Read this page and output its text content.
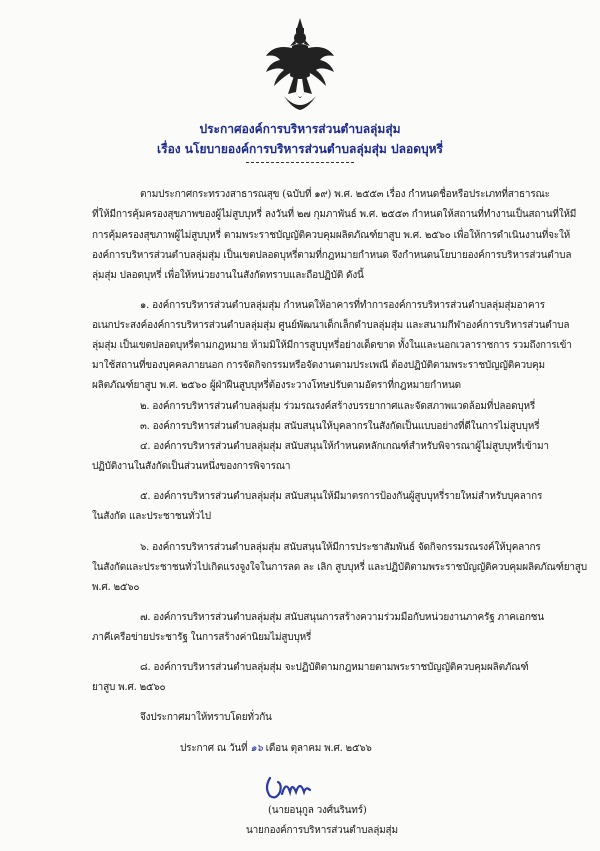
ประกาศองค์การบริหารส่วนตำบลลุ่มสุ่ม
เรื่อง นโยบายองค์การบริหารส่วนตำบลลุ่มสุ่ม ปลอดบุหรี่
ตามประกาศกระทรวงสาธารณสุข (ฉบับที่ ๑๙) พ.ศ. ๒๕๕๓ เรื่อง กำหนดชื่อหรือประเภทที่สาธารณะ
ที่ให้มีการคุ้มครองสุขภาพของผู้ไม่สูบบุหรี่ ลงวันที่ ๒๗ กุมภาพันธ์ พ.ศ. ๒๕๕๓ กำหนดให้สถานที่ทำงานเป็นสถานที่ให้มี
การคุ้มครองสุขภาพผู้ไม่สูบบุหรี่ ตามพระราชบัญญัติควบคุมผลิตภัณฑ์ยาสูบ พ.ศ. ๒๕๖๐ เพื่อให้การดำเนินงานที่จะให้
องค์การบริหารส่วนตำบลลุ่มสุ่ม เป็นเขตปลอดบุหรี่ตามที่กฎหมายกำหนด จึงกำหนดนโยบายองค์การบริหารส่วนตำบล
ลุ่มสุ่ม ปลอดบุหรี่ เพื่อให้หน่วยงานในสังกัดทราบและถือปฏิบัติ ดังนี้
๑. องค์การบริหารส่วนตำบลลุ่มสุ่ม กำหนดให้อาคารที่ทำการองค์การบริหารส่วนตำบลลุ่มสุ่มอาคาร
อเนกประสงค์องค์การบริหารส่วนตำบลลุ่มสุ่ม ศูนย์พัฒนาเด็กเล็กตำบลลุ่มสุ่ม และสนามกีฬาองค์การบริหารส่วนตำบล
ลุ่มสุ่ม เป็นเขตปลอดบุหรี่ตามกฎหมาย ห้ามมิให้มีการสูบบุหรี่อย่างเด็ดขาด ทั้งในและนอกเวลาราชการ รวมถึงการเข้า
มาใช้สถานที่ของบุคคลภายนอก การจัดกิจกรรมหรือจัดงานตามประเพณี ต้องปฏิบัติตามพระราชบัญญัติควบคุม
ผลิตภัณฑ์ยาสูบ พ.ศ. ๒๕๖๐ ผู้ฝ่าฝืนสูบบุหรี่ต้องระวางโทษปรับตามอัตราที่กฎหมายกำหนด
๒. องค์การบริหารส่วนตำบลลุ่มสุ่ม ร่วมรณรงค์สร้างบรรยากาศและจัดสภาพแวดล้อมที่ปลอดบุหรี่
๓. องค์การบริหารส่วนตำบลลุ่มสุ่ม สนับสนุนให้บุคลากรในสังกัดเป็นแบบอย่างที่ดีในการไม่สูบบุหรี่
๔. องค์การบริหารส่วนตำบลลุ่มสุ่ม สนับสนุนให้กำหนดหลักเกณฑ์สำหรับพิจารณาผู้ไม่สูบบุหรี่เข้ามา
ปฏิบัติงานในสังกัดเป็นส่วนหนึ่งของการพิจารณา
๕. องค์การบริหารส่วนตำบลลุ่มสุ่ม สนับสนุนให้มีมาตรการป้องกันผู้สูบบุหรี่รายใหม่สำหรับบุคลากร
ในสังกัด และประชาชนทั่วไป
๖. องค์การบริหารส่วนตำบลลุ่มสุ่ม สนับสนุนให้มีการประชาสัมพันธ์ จัดกิจกรรมรณรงค์ให้บุคลากร
ในสังกัดและประชาชนทั่วไปเกิดแรงจูงใจในการลด ละ เลิก สูบบุหรี่ และปฏิบัติตามพระราชบัญญัติควบคุมผลิตภัณฑ์ยาสูบ
พ.ศ. ๒๕๖๐
๗. องค์การบริหารส่วนตำบลลุ่มสุ่ม สนับสนุนการสร้างความร่วมมือกับหน่วยงานภาครัฐ ภาคเอกชน
ภาคีเครือข่ายประชารัฐ ในการสร้างค่านิยมไม่สูบบุหรี่
๘. องค์การบริหารส่วนตำบลลุ่มสุ่ม จะปฏิบัติตามกฎหมายตามพระราชบัญญัติควบคุมผลิตภัณฑ์
ยาสูบ พ.ศ. ๒๕๖๐
จึงประกาศมาให้ทราบโดยทั่วกัน
ประกาศ ณ วันที่ ๑๖ เดือน ตุลาคม พ.ศ. ๒๕๖๖
(นายอนุกูล วงศ์นรินทร์)
นายกองค์การบริหารส่วนตำบลลุ่มสุ่ม
